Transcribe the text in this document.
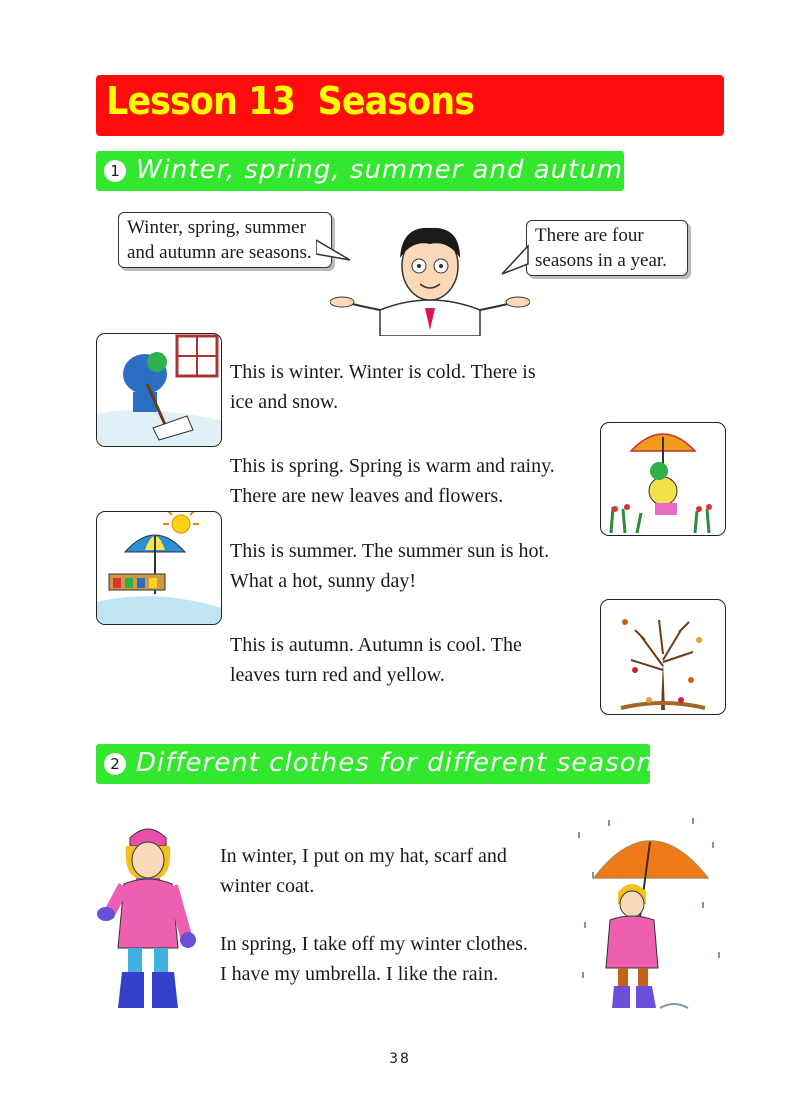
Lesson 13  Seasons
1 Winter, spring, summer and autumn
Winter, spring, summer
and autumn are seasons.
There are four
seasons in a year.
This is winter. Winter is cold. There is
ice and snow.
This is spring. Spring is warm and rainy.
There are new leaves and flowers.
This is summer. The summer sun is hot.
What a hot, sunny day!
This is autumn. Autumn is cool. The
leaves turn red and yellow.
2 Different clothes for different seasons
In winter, I put on my hat, scarf and
winter coat.
In spring, I take off my winter clothes.
I have my umbrella. I like the rain.
38
